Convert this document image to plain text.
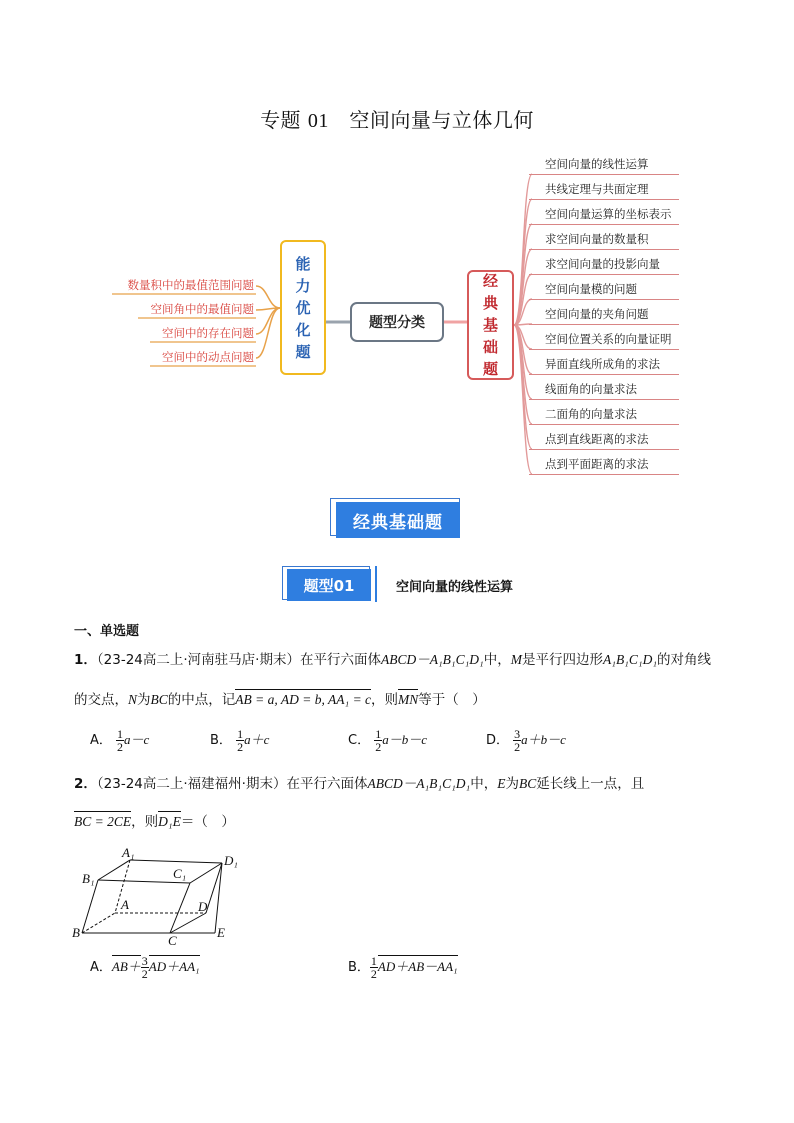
专题 01　 空间向量与立体几何
数量积中的最值范围问题
空间角中的最值问题
空间中的存在问题
空间中的动点问题
能
力
优
化
题
题型分类
经
典
基
础
题
空间向量的线性运算
共线定理与共面定理
空间向量运算的坐标表示
求空间向量的数量积
求空间向量的投影向量
空间向量模的问题
空间向量的夹角问题
空间位置关系的向量证明
异面直线所成角的求法
线面角的向量求法
二面角的向量求法
点到直线距离的求法
点到平面距离的求法
经典基础题
题型01	空间向量的线性运算
一、单选题
1．（23-24高二上·河南驻马店·期末）在平行六面体ABCD－A₁B₁C₁D₁中，M是平行四边形A₁B₁C₁D₁的对角线
的交点，N为BC的中点，记AB = a, AD = b, AA₁ = c，则MN等于（　）
A． $\frac{1}{2} a-c$	B． $\frac{1}{2} a+c$	C． $\frac{1}{2} a-b-c$	D． $\frac{3}{2} a+b-c$
2．（23-24高二上·福建福州·期末）在平行六面体ABCD－A₁B₁C₁D₁中，E为BC延长线上一点，且
BC = 2CE，则D₁E＝（　）
A₁
B₁	C₁
D₁
A
B
C
D
E
A．$AB+ \frac{3}{2} AD+AA_1$	B． $\frac{1}{2} AD+AB-AA_1$
